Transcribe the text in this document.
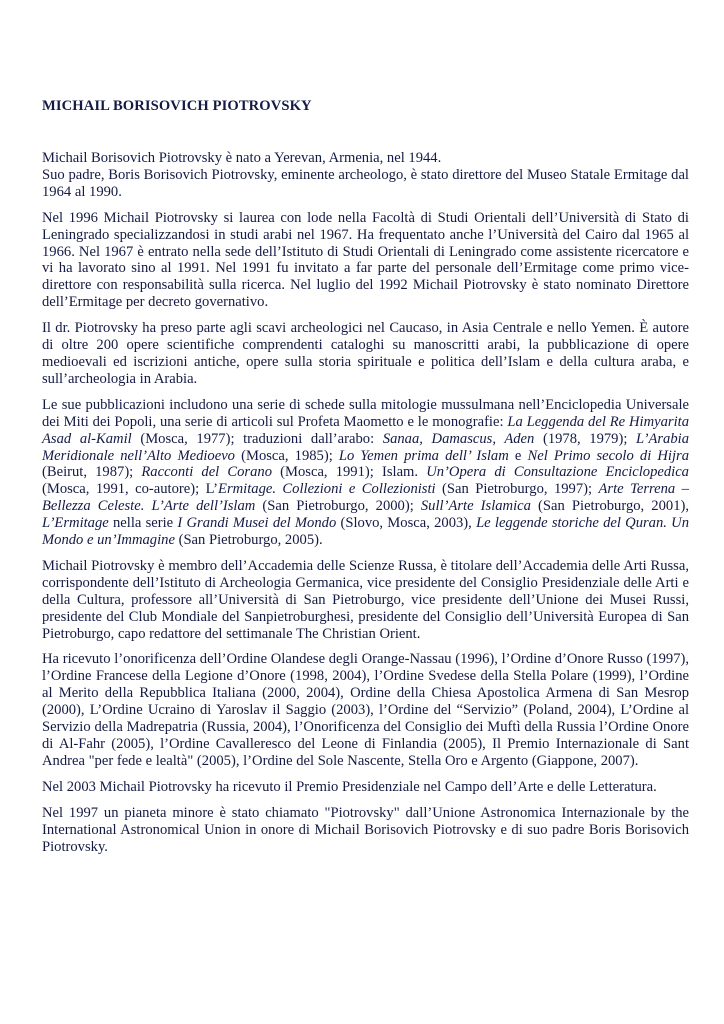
MICHAIL BORISOVICH PIOTROVSKY

Michail Borisovich Piotrovsky è nato a Yerevan, Armenia, nel 1944.

Suo padre, Boris Borisovich Piotrovsky, eminente archeologo, è stato direttore del Museo Statale Ermitage dal 1964 al 1990.

Nel 1996 Michail Piotrovsky si laurea con lode nella Facoltà di Studi Orientali dell’Università di Stato di Leningrado specializzandosi in studi arabi nel 1967. Ha frequentato anche l’Università del Cairo dal 1965 al 1966. Nel 1967 è entrato nella sede dell’Istituto di Studi Orientali di Leningrado come assistente ricercatore e vi ha lavorato sino al 1991. Nel 1991 fu invitato a far parte del personale dell’Ermitage come primo vice-direttore con responsabilità sulla ricerca. Nel luglio del 1992 Michail Piotrovsky è stato nominato Direttore dell’Ermitage per decreto governativo.

Il dr. Piotrovsky ha preso parte agli scavi archeologici nel Caucaso, in Asia Centrale e nello Yemen. È autore di oltre 200 opere scientifiche comprendenti cataloghi su manoscritti arabi, la pubblicazione di opere medioevali ed iscrizioni antiche, opere sulla storia spirituale e politica dell’Islam e della cultura araba, e sull’archeologia in Arabia.

Le sue pubblicazioni includono una serie di schede sulla mitologie mussulmana nell’Enciclopedia Universale dei Miti dei Popoli, una serie di articoli sul Profeta Maometto e le monografie: La Leggenda del Re Himyarita Asad al-Kamil (Mosca, 1977); traduzioni dall’arabo: Sanaa, Damascus, Aden (1978, 1979); L’Arabia Meridionale nell’Alto Medioevo (Mosca, 1985); Lo Yemen prima dell’ Islam e Nel Primo secolo di Hijra (Beirut, 1987); Racconti del Corano (Mosca, 1991); Islam. Un’Opera di Consultazione Enciclopedica (Mosca, 1991, co-autore); L’Ermitage. Collezioni e Collezionisti (San Pietroburgo, 1997); Arte Terrena – Bellezza Celeste. L’Arte dell’Islam (San Pietroburgo, 2000); Sull’Arte Islamica (San Pietroburgo, 2001), L’Ermitage nella serie I Grandi Musei del Mondo (Slovo, Mosca, 2003), Le leggende storiche del Quran. Un Mondo e un’Immagine (San Pietroburgo, 2005).

Michail Piotrovsky è membro dell’Accademia delle Scienze Russa, è titolare dell’Accademia delle Arti Russa, corrispondente dell’Istituto di Archeologia Germanica, vice presidente del Consiglio Presidenziale delle Arti e della Cultura, professore all’Università di San Pietroburgo, vice presidente dell’Unione dei Musei Russi, presidente del Club Mondiale del Sanpietroburghesi, presidente del Consiglio dell’Università Europea di San Pietroburgo, capo redattore del settimanale The Christian Orient.

Ha ricevuto l’onorificenza dell’Ordine Olandese degli Orange-Nassau (1996), l’Ordine d’Onore Russo (1997), l’Ordine Francese della Legione d’Onore (1998, 2004), l’Ordine Svedese della Stella Polare (1999), l’Ordine al Merito della Repubblica Italiana (2000, 2004), Ordine della Chiesa Apostolica Armena di San Mesrop (2000), L’Ordine Ucraino di Yaroslav il Saggio (2003), l’Ordine del “Servizio” (Poland, 2004), L’Ordine al Servizio della Madrepatria (Russia, 2004), l’Onorificenza del Consiglio dei Muftì della Russia l’Ordine Onore di Al-Fahr (2005), l’Ordine Cavalleresco del Leone di Finlandia (2005), Il Premio Internazionale di Sant Andrea "per fede e lealtà" (2005), l’Ordine del Sole Nascente, Stella Oro e Argento (Giappone, 2007).

Nel 2003 Michail Piotrovsky ha ricevuto il Premio Presidenziale nel Campo dell’Arte e delle Letteratura.

Nel 1997 un pianeta minore è stato chiamato "Piotrovsky" dall’Unione Astronomica Internazionale by the International Astronomical Union in onore di Michail Borisovich Piotrovsky e di suo padre Boris Borisovich Piotrovsky.
